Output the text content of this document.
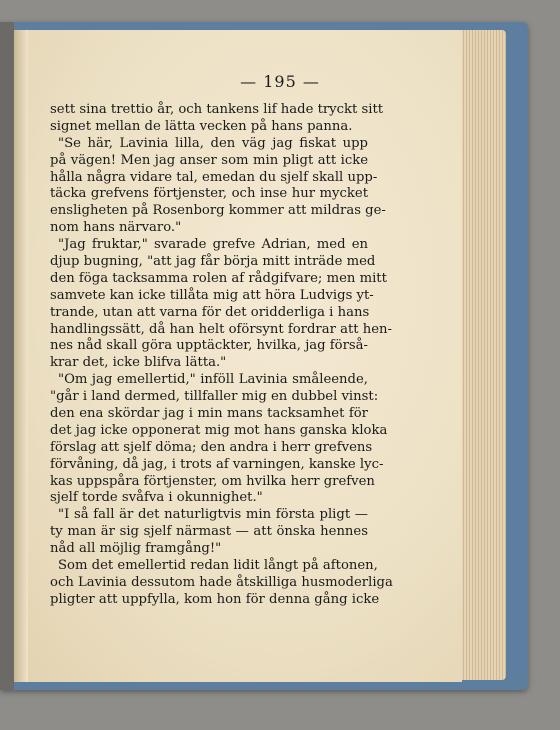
— 195 —
sett sina trettio år, och tankens lif hade tryckt sitt
signet mellan de lätta vecken på hans panna.
"Se här, Lavinia lilla, den väg jag fiskat upp
på vägen! Men jag anser som min pligt att icke
hålla några vidare tal, emedan du sjelf skall upp-
täcka grefvens förtjenster, och inse hur mycket
ensligheten på Rosenborg kommer att mildras ge-
nom hans närvaro."
"Jag fruktar," svarade grefve Adrian, med en
djup bugning, "att jag får börja mitt inträde med
den föga tacksamma rolen af rådgifvare; men mitt
samvete kan icke tillåta mig att höra Ludvigs yt-
trande, utan att varna för det oridderliga i hans
handlingssätt, då han helt oförsynt fordrar att hen-
nes nåd skall göra upptäckter, hvilka, jag förså-
krar det, icke blifva lätta."
"Om jag emellertid," inföll Lavinia småleende,
"går i land dermed, tillfaller mig en dubbel vinst:
den ena skördar jag i min mans tacksamhet för
det jag icke opponerat mig mot hans ganska kloka
förslag att sjelf döma; den andra i herr grefvens
förvåning, då jag, i trots af varningen, kanske lyc-
kas uppspåra förtjenster, om hvilka herr grefven
sjelf torde svåfva i okunnighet."
"I så fall är det naturligtvis min första pligt —
ty man är sig sjelf närmast — att önska hennes
nåd all möjlig framgång!"
Som det emellertid redan lidit långt på aftonen,
och Lavinia dessutom hade åtskilliga husmoderliga
pligter att uppfylla, kom hon för denna gång icke
